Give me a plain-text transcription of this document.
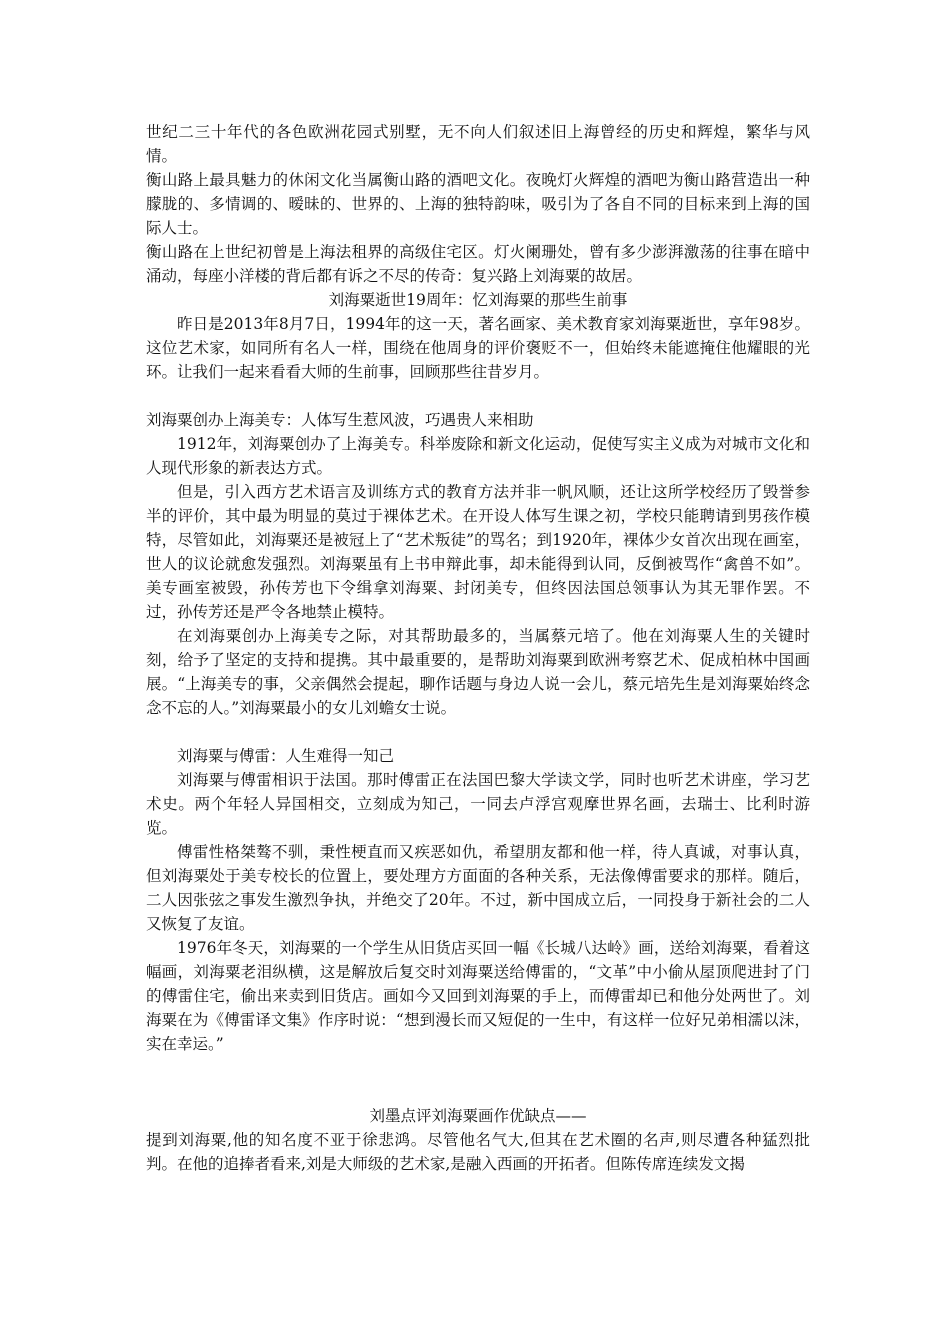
世纪二三十年代的各色欧洲花园式别墅，无不向人们叙述旧上海曾经的历史和辉煌，繁华与风情。

衡山路上最具魅力的休闲文化当属衡山路的酒吧文化。夜晚灯火辉煌的酒吧为衡山路营造出一种朦胧的、多情调的、暧昧的、世界的、上海的独特韵味，吸引为了各自不同的目标来到上海的国际人士。

衡山路在上世纪初曾是上海法租界的高级住宅区。灯火阑珊处，曾有多少澎湃激荡的往事在暗中涌动，每座小洋楼的背后都有诉之不尽的传奇：复兴路上刘海粟的故居。

刘海粟逝世19周年：忆刘海粟的那些生前事

昨日是2013年8月7日，1994年的这一天，著名画家、美术教育家刘海粟逝世，享年98岁。这位艺术家，如同所有名人一样，围绕在他周身的评价褒贬不一，但始终未能遮掩住他耀眼的光环。让我们一起来看看大师的生前事，回顾那些往昔岁月。

刘海粟创办上海美专：人体写生惹风波，巧遇贵人来相助

1912年，刘海粟创办了上海美专。科举废除和新文化运动，促使写实主义成为对城市文化和人现代形象的新表达方式。

但是，引入西方艺术语言及训练方式的教育方法并非一帆风顺，还让这所学校经历了毁誉参半的评价，其中最为明显的莫过于裸体艺术。在开设人体写生课之初，学校只能聘请到男孩作模特，尽管如此，刘海粟还是被冠上了“艺术叛徒”的骂名；到1920年，裸体少女首次出现在画室，世人的议论就愈发强烈。刘海粟虽有上书申辩此事，却未能得到认同，反倒被骂作“禽兽不如”。美专画室被毁，孙传芳也下令缉拿刘海粟、封闭美专，但终因法国总领事认为其无罪作罢。不过，孙传芳还是严令各地禁止模特。

在刘海粟创办上海美专之际，对其帮助最多的，当属蔡元培了。他在刘海粟人生的关键时刻，给予了坚定的支持和提携。其中最重要的，是帮助刘海粟到欧洲考察艺术、促成柏林中国画展。“上海美专的事，父亲偶然会提起，聊作话题与身边人说一会儿，蔡元培先生是刘海粟始终念念不忘的人。”刘海粟最小的女儿刘蟾女士说。

刘海粟与傅雷：人生难得一知己

刘海粟与傅雷相识于法国。那时傅雷正在法国巴黎大学读文学，同时也听艺术讲座，学习艺术史。两个年轻人异国相交，立刻成为知己，一同去卢浮宫观摩世界名画，去瑞士、比利时游览。

傅雷性格桀骜不驯，秉性梗直而又疾恶如仇，希望朋友都和他一样，待人真诚，对事认真，但刘海粟处于美专校长的位置上，要处理方方面面的各种关系，无法像傅雷要求的那样。随后，二人因张弦之事发生激烈争执，并绝交了20年。不过，新中国成立后，一同投身于新社会的二人又恢复了友谊。

1976年冬天，刘海粟的一个学生从旧货店买回一幅《长城八达岭》画，送给刘海粟，看着这幅画，刘海粟老泪纵横，这是解放后复交时刘海粟送给傅雷的，“文革”中小偷从屋顶爬进封了门的傅雷住宅，偷出来卖到旧货店。画如今又回到刘海粟的手上，而傅雷却已和他分处两世了。刘海粟在为《傅雷译文集》作序时说：“想到漫长而又短促的一生中，有这样一位好兄弟相濡以沫，实在幸运。”

刘墨点评刘海粟画作优缺点——

提到刘海粟,他的知名度不亚于徐悲鸿。尽管他名气大,但其在艺术圈的名声,则尽遭各种猛烈批判。在他的追捧者看来,刘是大师级的艺术家,是融入西画的开拓者。但陈传席连续发文揭
